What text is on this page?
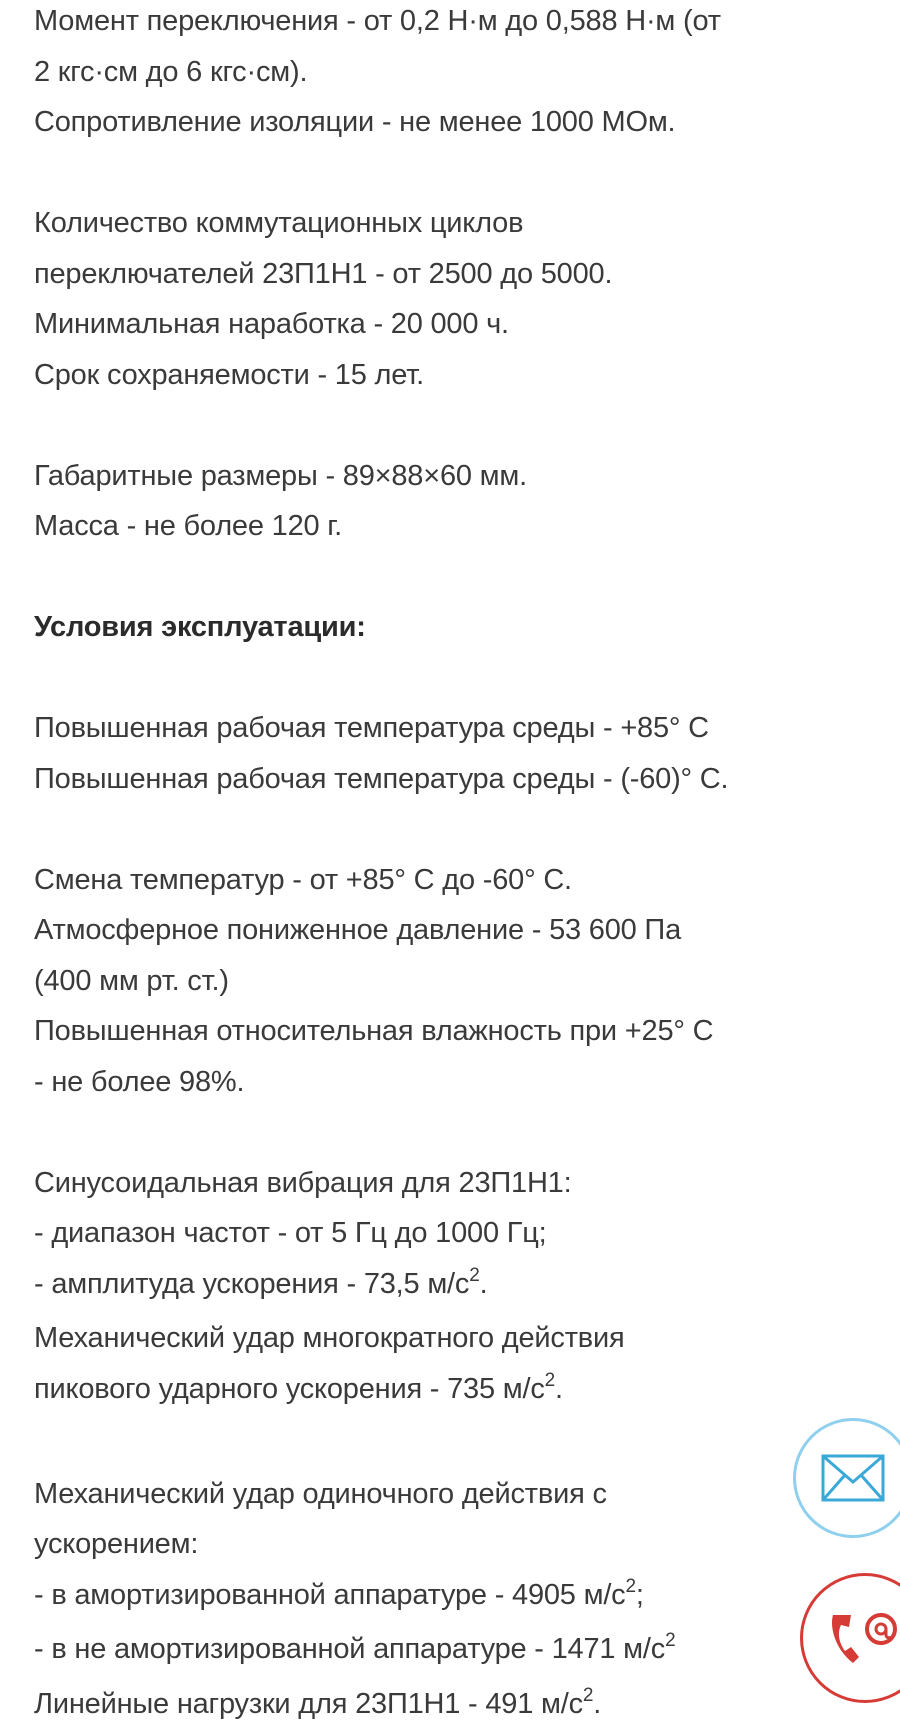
Момент переключения - от 0,2 Н·м до 0,588 Н·м (от
2 кгс·см до 6 кгс·см).
Сопротивление изоляции - не менее 1000 МОм.
Количество коммутационных циклов
переключателей 23П1Н1 - от 2500 до 5000.
Минимальная наработка - 20 000 ч.
Срок сохраняемости - 15 лет.
Габаритные размеры - 89×88×60 мм.
Масса - не более 120 г.
Условия эксплуатации:
Повышенная рабочая температура среды - +85° С
Повышенная рабочая температура среды - (-60)° С.
Смена температур - от +85° С до -60° С.
Атмосферное пониженное давление - 53 600 Па
(400 мм рт. ст.)
Повышенная относительная влажность при +25° С
- не более 98%.
Синусоидальная вибрация для 23П1Н1:
- диапазон частот - от 5 Гц до 1000 Гц;
- амплитуда ускорения - 73,5 $м/с^2$.
Механический удар многократного действия
пикового ударного ускорения - 735 $м/с^2$.
Механический удар одиночного действия с
ускорением:
- в амортизированной аппаратуре - 4905 $м/с^2$;
- в не амортизированной аппаратуре - 1471 $м/с^2$
Линейные нагрузки для 23П1Н1 - 491 $м/с^2$.
